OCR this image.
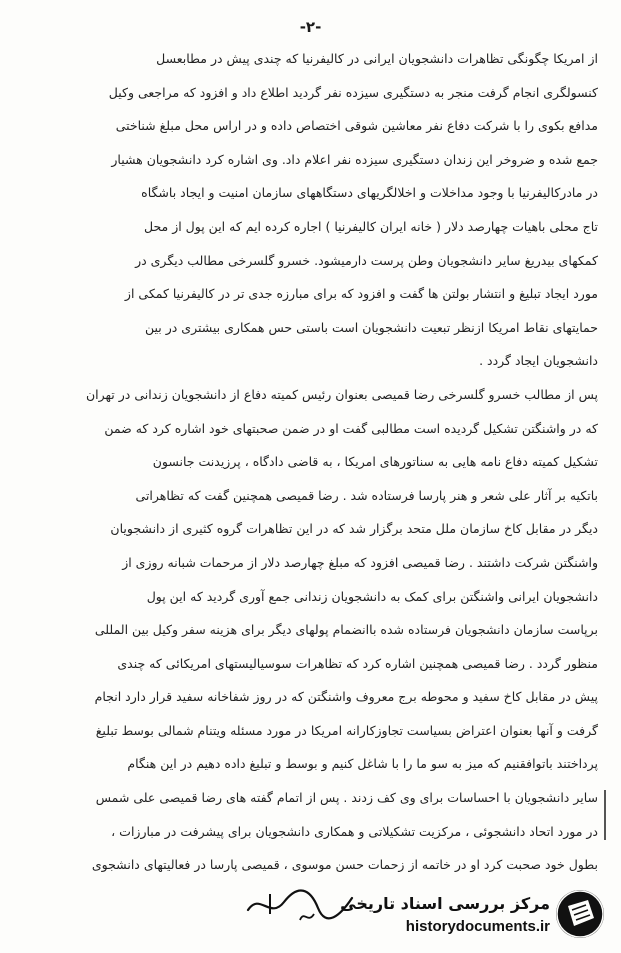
-۲-
از امریکا چگونگی تظاهرات دانشجویان ایرانی در کالیفرنیا که چندی پیش در مطابعسل
کنسولگری انجام گرفت منجر به دستگیری سیزده نفر گردید اطلاع داد و افزود که مراجعی وکیل
مدافع بکوی را با شرکت دفاع نفر معاشین شوقی اختصاص داده و در اراس محل مبلغ شناختی
جمع شده و ضروخر این زندان دستگیری سیزده نفر اعلام داد. وی اشاره کرد دانشجویان هشیار
در مادرکالیفرنیا با وجود مداخلات و اخلالگریهای دستگاههای سازمان امنیت و ایجاد باشگاه
تاج محلی باهیات چهارصد دلار ( خانه ایران کالیفرنیا ) اجاره کرده ایم که این پول از محل
کمکهای بیدریغ سایر دانشجویان وطن پرست دارمیشود. خسرو گلسرخی مطالب دیگری در
مورد ایجاد تبلیغ و انتشار بولتن ها گفت و افزود که برای مبارزه جدی تر در کالیفرنیا کمکی از
حمایتهای نقاط امریکا ازنظر تبعیت دانشجویان است باستی حس همکاری بیشتری در بین
دانشجویان ایجاد گردد .
پس از مطالب خسرو گلسرخی رضا قمیصی بعنوان رئیس کمیته دفاع از دانشجویان زندانی در تهران
که در واشنگتن تشکیل گردیده است مطالبی گفت او در ضمن صحبتهای خود اشاره کرد که ضمن
تشکیل کمیته دفاع نامه هایی به سناتورهای امریکا ، به قاضی دادگاه ، پرزیدنت جانسون
باتکیه بر آثار علی شعر و هنر پارسا فرستاده شد . رضا قمیصی همچنین گفت که تظاهراتی
دیگر در مقابل کاخ سازمان ملل متحد برگزار شد که در این تظاهرات گروه کثیری از دانشجویان
واشنگتن شرکت داشتند . رضا قمیصی افزود که مبلغ چهارصد دلار از مرحمات شبانه روزی از
دانشجویان ایرانی واشنگتن برای کمک به دانشجویان زندانی جمع آوری گردید که این پول
برپاست سازمان دانشجویان فرستاده شده باانضمام پولهای دیگر برای هزینه سفر وکیل بین المللی
منظور گردد . رضا قمیصی همچنین اشاره کرد که تظاهرات سوسیالیستهای امریکائی که چندی
پیش در مقابل کاخ سفید و محوطه برج معروف واشنگتن که در روز شفاخانه سفید قرار دارد انجام
گرفت و آنها بعنوان اعتراض بسیاست تجاوزکارانه امریکا در مورد مسئله ویتنام شمالی بوسط تبلیغ
پرداختند باتوافقنیم که میز به سو ما را با شاغل کنیم و بوسط و تبلیغ داده دهیم در این هنگام
سایر دانشجویان با احساسات برای وی کف زدند . پس از اتمام گفته های رضا قمیصی علی شمس
در مورد اتحاد دانشجوئی ، مرکزیت تشکیلاتی و همکاری دانشجویان برای پیشرفت در مبارزات ،
بطول خود صحبت کرد او در خاتمه از زحمات حسن موسوی ، قمیصی پارسا در فعالیتهای دانشجوی
مرکز بررسی اسناد تاریخی
historydocuments.ir
